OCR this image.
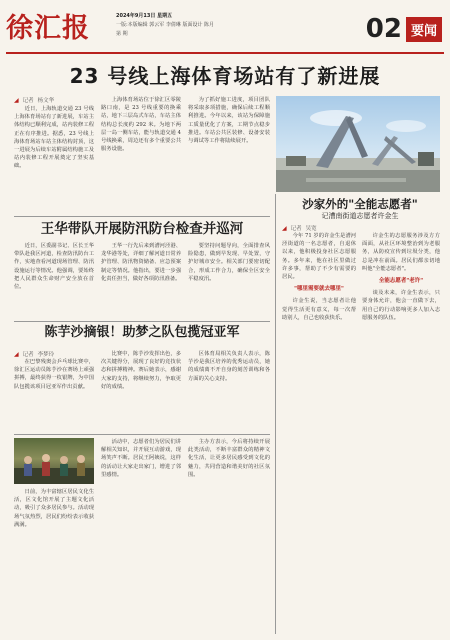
徐汇报	2024年9月13日 星期五
一版:本版编辑 郭云军 李倩琳 版面设计 陈月
第 期	02 要闻
23 号线上海体育场站有了新进展
◢ 记者 杨文华
近日，上海轨道交通 23 号线上海体育场站有了新进展，车站主体结构已顺利完成，站内装修工程正在有序推进。据悉，23 号线上海体育场站车站主体结构封顶，这一进展为后续车站附属结构施工及站内装修工程开展奠定了坚实基础。
上海体育场站位于徐汇区零陵路口南，是 23 号线重要的换乘站，地下三层岛式车站，车站主体结构总长度约 292 米。为地下两层一岛一侧车站，能与轨道交通 4 号线换乘，周边还有多个重要公共服务设施。
为了抓好施工进度，项目团队将采取多项措施，确保后续工程顺利推进。今年以来，该站为保障施工质量优化了方案，工期节点稳步推进。车站公共区装修、设备安装与调试等工作将陆续展开。
王华带队开展防汛防台检查并巡河
近日，区委副书记、区长王华带队赴我区河道，检查防汛防台工作，实地查看河道现场管理、防汛设施运行等情况。他强调，要始终把人民群众生命财产安全放在首位。
王华一行先后来到漕河泾港、龙华港等处，详细了解河道日常养护管理、防汛物资储备、应急预案制定等情况。他指出，要进一步强化责任担当，做好各项防汛准备。
要坚持问题导向，全面排查风险隐患，做到早发现、早处置，守护好城市安全。相关部门要密切配合，形成工作合力，确保全区安全平稳度汛。
陈芋沙摘银！助梦之队包揽冠亚军
◢ 记者 李梦玲
在巴黎残奥会乒乓球比赛中，徐汇区运动员陈芋沙在赛场上顽强拼搏，最终获得一枚银牌，为中国队包揽该项目冠亚军作出贡献。
比赛中，陈芋沙发挥出色，多次关键得分，展现了良好的竞技状态和拼搏精神。赛后她表示，感谢大家的支持，将继续努力，争取更好的成绩。
区体育局相关负责人表示，陈芋沙是我区培养的优秀运动员，她的成绩离不开自身的刻苦训练和各方面的关心支持。
日前，为丰富辖区居民文化生活，区文化馆开展了主题文化活动，吸引了众多居民参与。活动现场气氛热烈，居民们纷纷表示收获满满。
活动中，志愿者们为居民们讲解相关知识，并开展互动游戏，现场笑声不断。居民王阿姨说，这样的活动让大家走出家门，增进了邻里感情。
主办方表示，今后将持续开展此类活动，不断丰富群众的精神文化生活，让更多居民感受到文化的魅力，共同营造和谐美好的社区氛围。
沙家外的"全能志愿者"
记漕南街道志愿者许金生
◢ 记者 吴宽
今年 71 岁的许金生是漕河泾街道的一名志愿者，自退休以来，他积极投身社区志愿服务。多年来，他在社区里做过许多事，帮助了不少有需要的居民。
"哪里需要就去哪里"
许金生说，当志愿者让他觉得生活更有意义，每一次帮助别人，自己也收获快乐。
许金生的志愿服务涉及方方面面，从社区环境整治到为老服务，从防疫宣传到垃圾分类，他总是冲在前面。居民们都亲切地叫他"全能志愿者"。
全能志愿者"老许"
谈及未来，许金生表示，只要身体允许，他会一直做下去，用自己的行动影响更多人加入志愿服务的队伍。
